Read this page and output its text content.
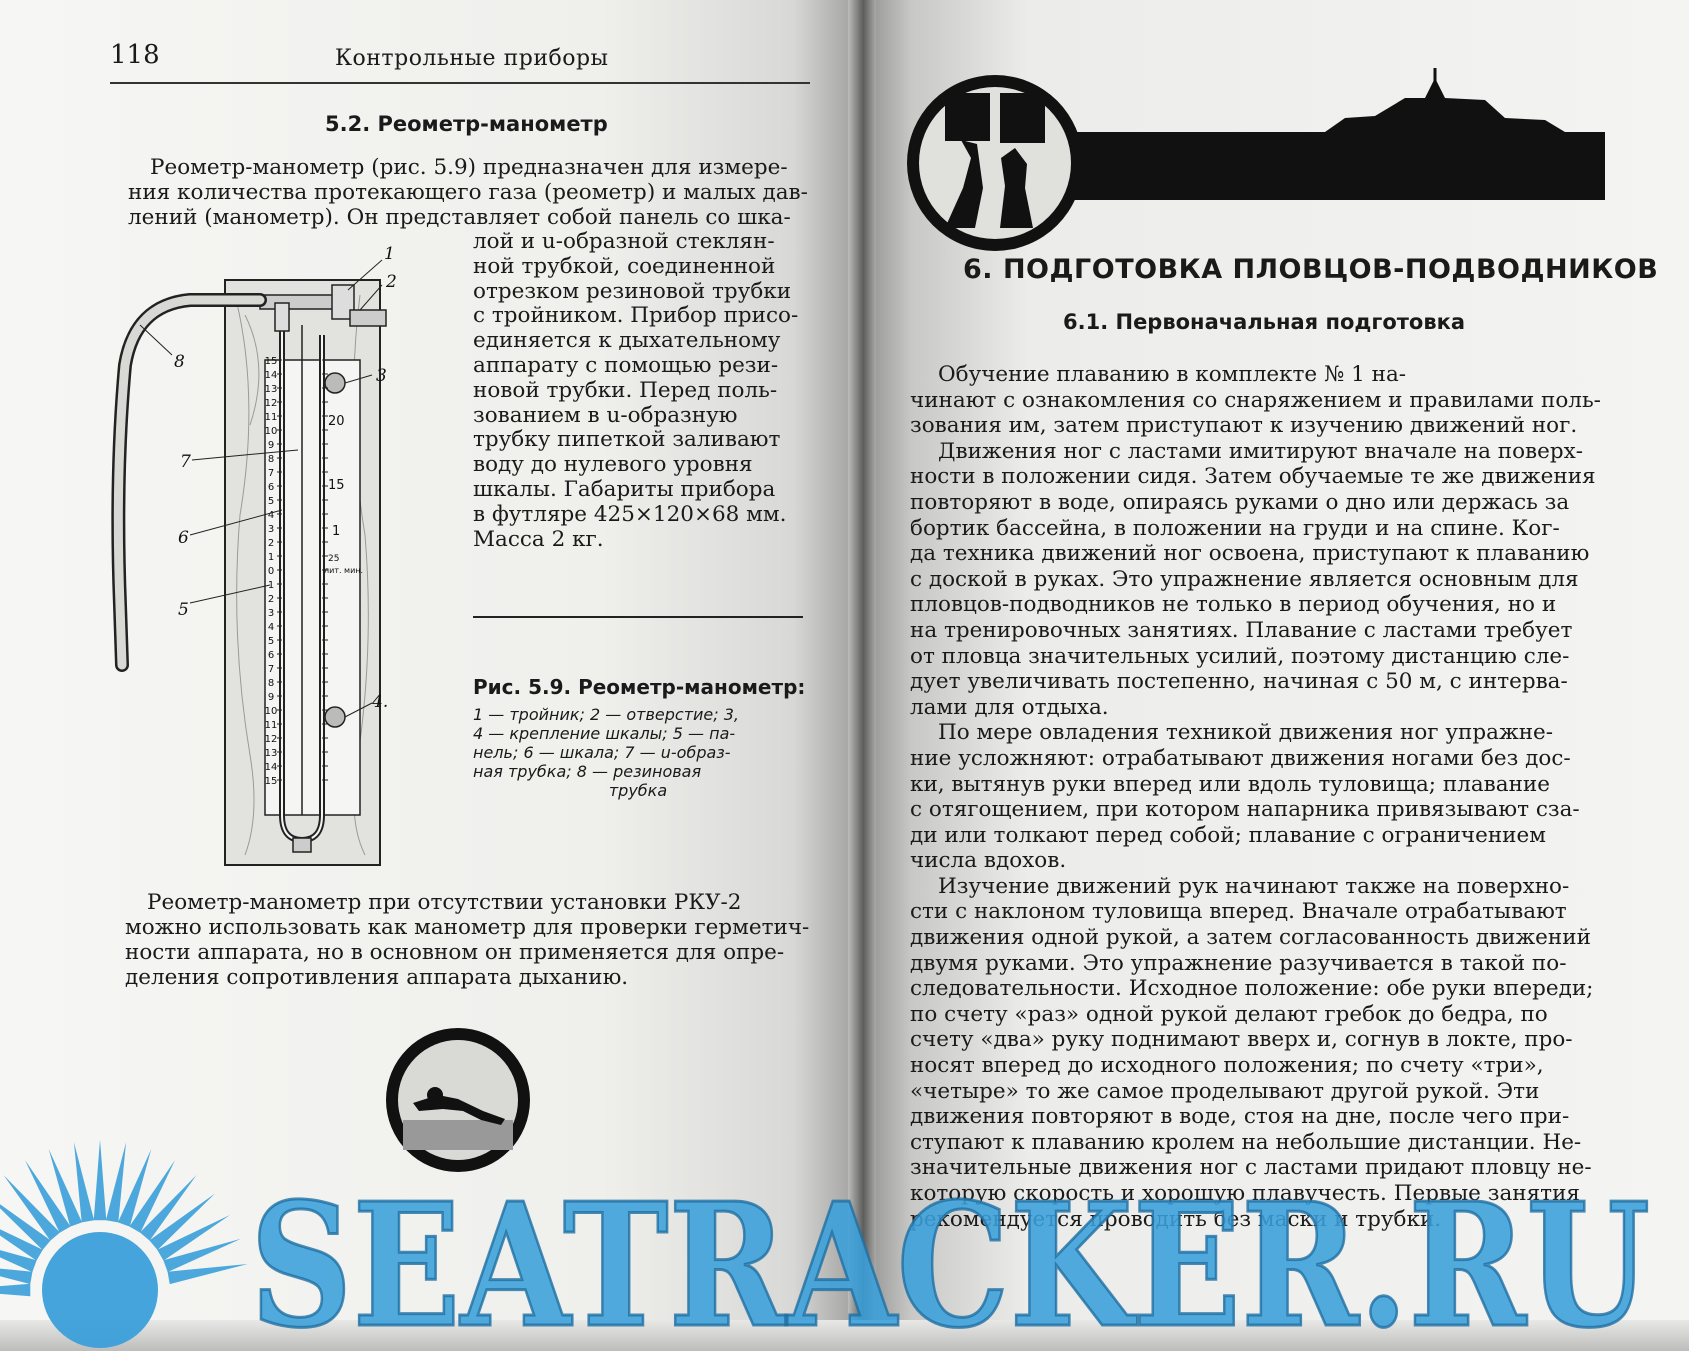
118	Контрольные приборы
5.2. Реометр-манометр
Реометр-манометр (рис. 5.9) предназначен для измере-
ния количества протекающего газа (реометр) и малых дав-
лений (манометр). Он представляет собой панель со шка-
лой и u-образной стеклян-
ной трубкой, соединенной
отрезком резиновой трубки
с тройником. Прибор присо-
единяется к дыхательному
аппарату с помощью рези-
новой трубки. Перед поль-
зованием в u-образную
трубку пипеткой заливают
воду до нулевого уровня
шкалы. Габариты прибора
в футляре 425×120×68 мм.
Масса 2 кг.
Рис. 5.9. Реометр-манометр:
1 — тройник; 2 — отверстие; 3,
4 — крепление шкалы; 5 — па-
нель; 6 — шкала; 7 — u-образ-
ная трубка; 8 — резиновая
трубка
15
14
13
12
11
10
9
8
7
6
5
4
3
2
1
0
1
2
3
4
5
6
7
8
9
10
11
12
13
14
15
20
15
1
25
лит. мин.
1
2
3
4.
5
6
7
8
Реометр-манометр при отсутствии установки РКУ-2
можно использовать как манометр для проверки герметич-
ности аппарата, но в основном он применяется для опре-
деления сопротивления аппарата дыханию.
6. ПОДГОТОВКА ПЛОВЦОВ-ПОДВОДНИКОВ
6.1. Первоначальная подготовка
Обучение плаванию в комплекте № 1 на-
чинают с ознакомления со снаряжением и правилами поль-
зования им, затем приступают к изучению движений ног.
Движения ног с ластами имитируют вначале на поверх-
ности в положении сидя. Затем обучаемые те же движения
повторяют в воде, опираясь руками о дно или держась за
бортик бассейна, в положении на груди и на спине. Ког-
да техника движений ног освоена, приступают к плаванию
с доской в руках. Это упражнение является основным для
пловцов-подводников не только в период обучения, но и
на тренировочных занятиях. Плавание с ластами требует
от пловца значительных усилий, поэтому дистанцию сле-
дует увеличивать постепенно, начиная с 50 м, с интерва-
лами для отдыха.
По мере овладения техникой движения ног упражне-
ние усложняют: отрабатывают движения ногами без дос-
ки, вытянув руки вперед или вдоль туловища; плавание
с отягощением, при котором напарника привязывают сза-
ди или толкают перед собой; плавание с ограничением
числа вдохов.
Изучение движений рук начинают также на поверхно-
сти с наклоном туловища вперед. Вначале отрабатывают
движения одной рукой, а затем согласованность движений
двумя руками. Это упражнение разучивается в такой по-
следовательности. Исходное положение: обе руки впереди;
по счету «раз» одной рукой делают гребок до бедра, по
счету «два» руку поднимают вверх и, согнув в локте, про-
носят вперед до исходного положения; по счету «три»,
«четыре» то же самое проделывают другой рукой. Эти
движения повторяют в воде, стоя на дне, после чего при-
ступают к плаванию кролем на небольшие дистанции. Не-
значительные движения ног с ластами придают пловцу не-
которую скорость и хорошую плавучесть. Первые занятия
рекомендуется проводить без маски и трубки.
SEATRACKER.RU
